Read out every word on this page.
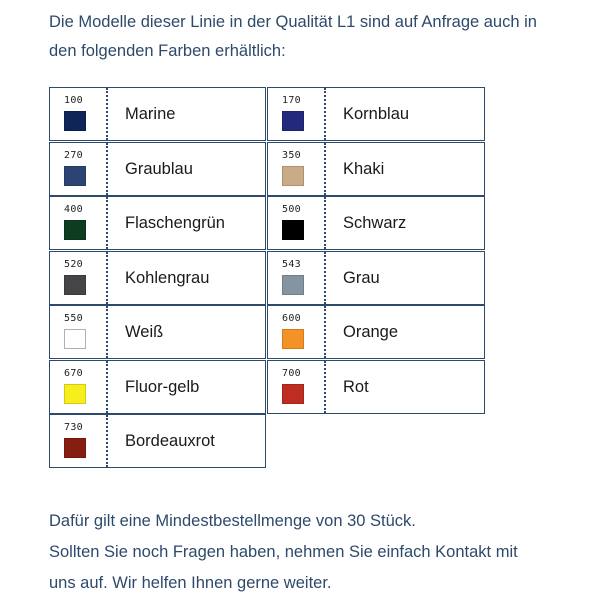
Die Modelle dieser Linie in der Qualität L1 sind auf Anfrage auch in

den folgenden Farben erhältlich:

100
Marine
170
Kornblau
270
Graublau
350
Khaki
400
Flaschengrün
500
Schwarz
520
Kohlengrau
543
Grau
550
Weiß
600
Orange
670
Fluor-gelb
700
Rot
730
Bordeauxrot

Dafür gilt eine Mindestbestellmenge von 30 Stück.

Sollten Sie noch Fragen haben, nehmen Sie einfach Kontakt mit

uns auf. Wir helfen Ihnen gerne weiter.
